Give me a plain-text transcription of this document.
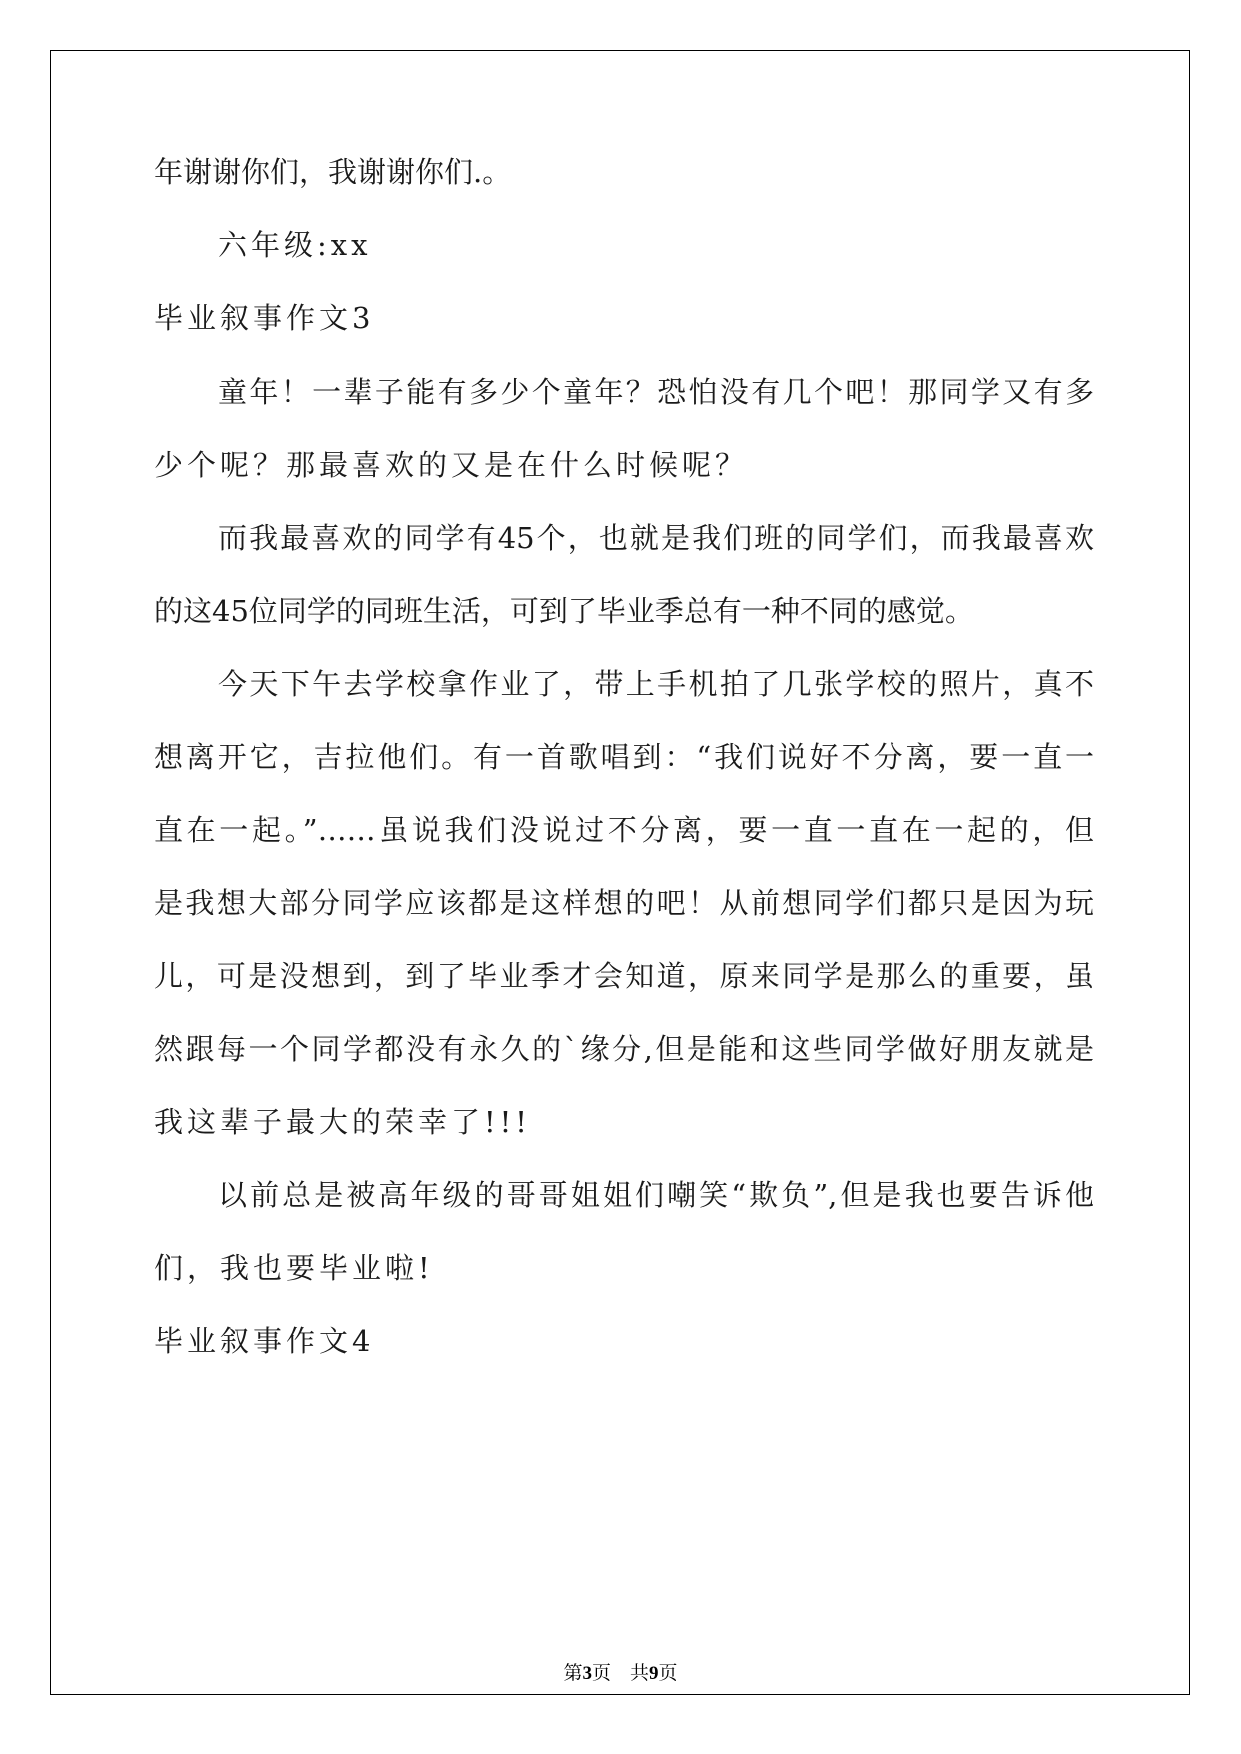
年谢谢你们，我谢谢你们.。
六年级:xx
毕业叙事作文3
童年！一辈子能有多少个童年？恐怕没有几个吧！那同学又有多
少个呢？那最喜欢的又是在什么时候呢？
而我最喜欢的同学有45个，也就是我们班的同学们，而我最喜欢
的这45位同学的同班生活，可到了毕业季总有一种不同的感觉。
今天下午去学校拿作业了，带上手机拍了几张学校的照片，真不
想离开它，吉拉他们。有一首歌唱到：“我们说好不分离，要一直一
直在一起。”……虽说我们没说过不分离，要一直一直在一起的，但
是我想大部分同学应该都是这样想的吧！从前想同学们都只是因为玩
儿，可是没想到，到了毕业季才会知道，原来同学是那么的重要，虽
然跟每一个同学都没有永久的`缘分,但是能和这些同学做好朋友就是
我这辈子最大的荣幸了!!!
以前总是被高年级的哥哥姐姐们嘲笑“欺负”,但是我也要告诉他
们，我也要毕业啦!
毕业叙事作文4
第3页　共9页
